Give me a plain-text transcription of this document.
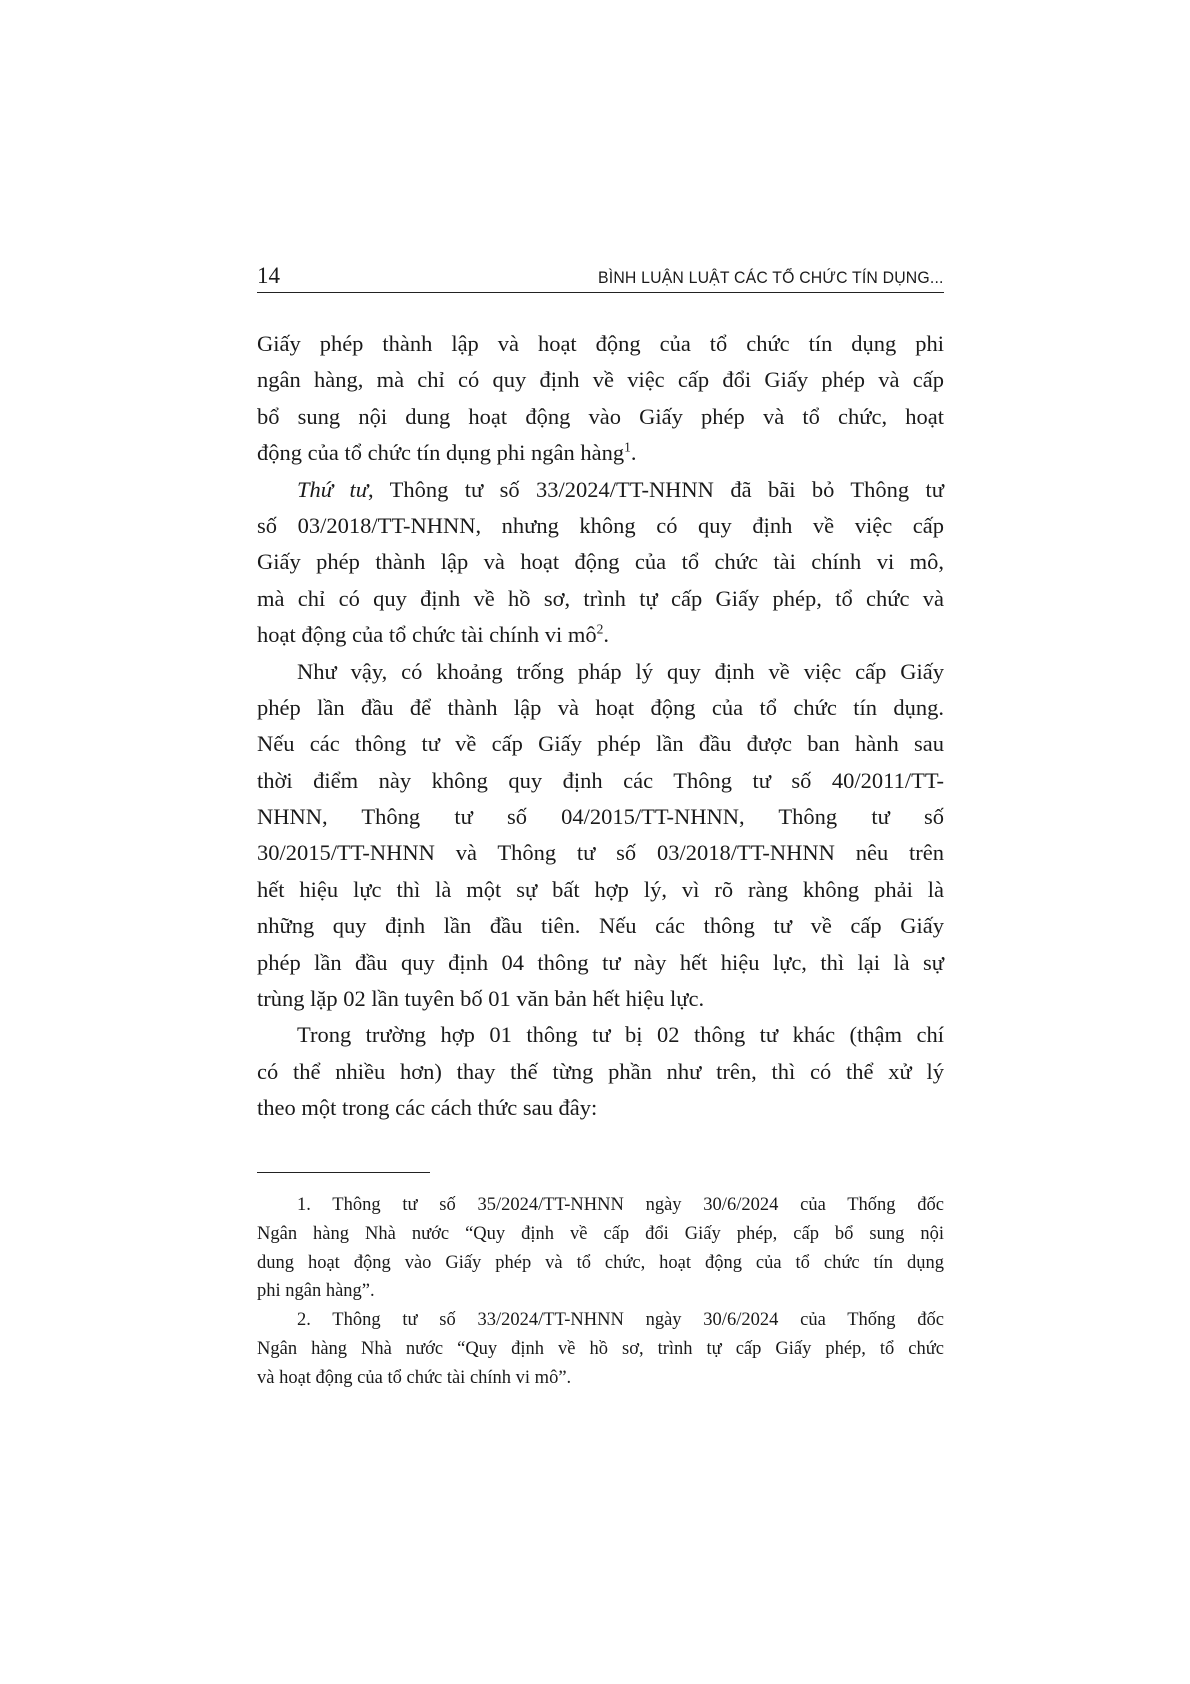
14	BÌNH LUẬN LUẬT CÁC TỔ CHỨC TÍN DỤNG...
Giấy phép thành lập và hoạt động của tổ chức tín dụng phi
ngân hàng, mà chỉ có quy định về việc cấp đổi Giấy phép và cấp
bổ sung nội dung hoạt động vào Giấy phép và tổ chức, hoạt
động của tổ chức tín dụng phi ngân hàng$^1$.
Thứ tư, Thông tư số 33/2024/TT-NHNN đã bãi bỏ Thông tư
số 03/2018/TT-NHNN, nhưng không có quy định về việc cấp
Giấy phép thành lập và hoạt động của tổ chức tài chính vi mô,
mà chỉ có quy định về hồ sơ, trình tự cấp Giấy phép, tổ chức và
hoạt động của tổ chức tài chính vi $mô^2$.
Như vậy, có khoảng trống pháp lý quy định về việc cấp Giấy
phép lần đầu để thành lập và hoạt động của tổ chức tín dụng.
Nếu các thông tư về cấp Giấy phép lần đầu được ban hành sau
thời điểm này không quy định các Thông tư số 40/2011/TT-
NHNN, Thông tư số 04/2015/TT-NHNN, Thông tư số
30/2015/TT-NHNN và Thông tư số 03/2018/TT-NHNN nêu trên
hết hiệu lực thì là một sự bất hợp lý, vì rõ ràng không phải là
những quy định lần đầu tiên. Nếu các thông tư về cấp Giấy
phép lần đầu quy định 04 thông tư này hết hiệu lực, thì lại là sự
trùng lặp 02 lần tuyên bố 01 văn bản hết hiệu lực.
Trong trường hợp 01 thông tư bị 02 thông tư khác (thậm chí
có thể nhiều hơn) thay thế từng phần như trên, thì có thể xử lý
theo một trong các cách thức sau đây:
1. Thông tư số 35/2024/TT-NHNN ngày 30/6/2024 của Thống đốc
Ngân hàng Nhà nước “Quy định về cấp đổi Giấy phép, cấp bổ sung nội
dung hoạt động vào Giấy phép và tổ chức, hoạt động của tổ chức tín dụng
phi ngân hàng”.
2. Thông tư số 33/2024/TT-NHNN ngày 30/6/2024 của Thống đốc
Ngân hàng Nhà nước “Quy định về hồ sơ, trình tự cấp Giấy phép, tổ chức
và hoạt động của tổ chức tài chính vi mô”.
